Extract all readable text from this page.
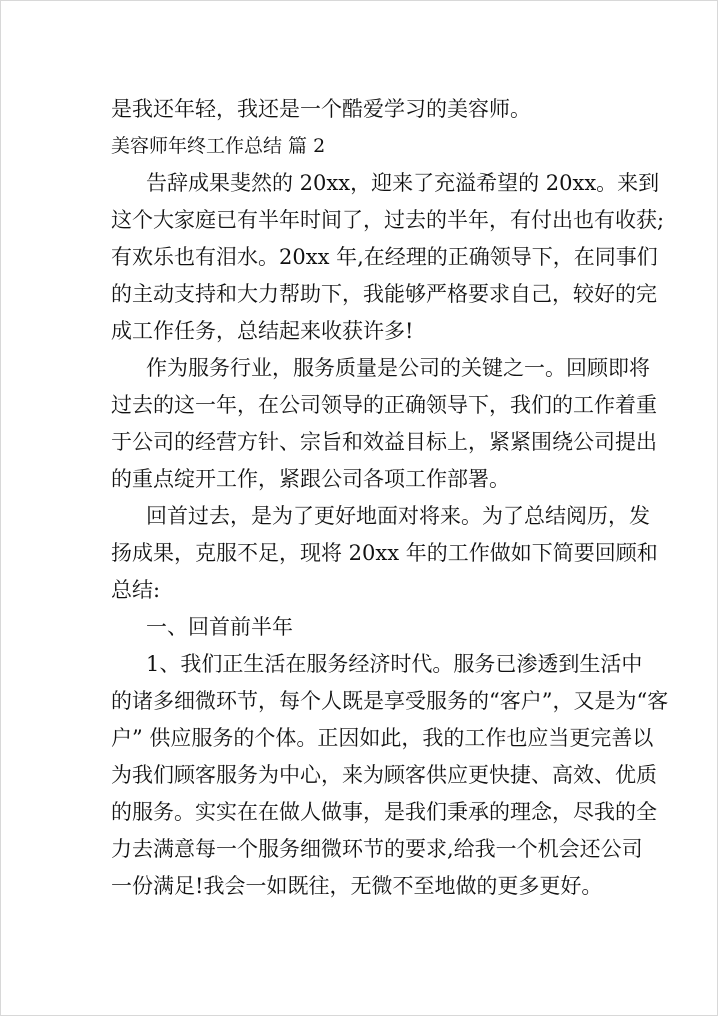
是我还年轻，我还是一个酷爱学习的美容师。
美容师年终工作总结 篇 2
告辞成果斐然的 20xx，迎来了充溢希望的 20xx。来到
这个大家庭已有半年时间了，过去的半年，有付出也有收获;
有欢乐也有泪水。20xx 年,在经理的正确领导下，在同事们
的主动支持和大力帮助下，我能够严格要求自己，较好的完
成工作任务，总结起来收获许多!
作为服务行业，服务质量是公司的关键之一。回顾即将
过去的这一年，在公司领导的正确领导下，我们的工作着重
于公司的经营方针、宗旨和效益目标上，紧紧围绕公司提出
的重点绽开工作，紧跟公司各项工作部署。
回首过去，是为了更好地面对将来。为了总结阅历，发
扬成果，克服不足，现将 20xx 年的工作做如下简要回顾和
总结:
一、回首前半年
1、我们正生活在服务经济时代。服务已渗透到生活中
的诸多细微环节，每个人既是享受服务的“客户”，又是为“客
户” 供应服务的个体。正因如此，我的工作也应当更完善以
为我们顾客服务为中心，来为顾客供应更快捷、高效、优质
的服务。实实在在做人做事，是我们秉承的理念，尽我的全
力去满意每一个服务细微环节的要求,给我一个机会还公司
一份满足!我会一如既往，无微不至地做的更多更好。
